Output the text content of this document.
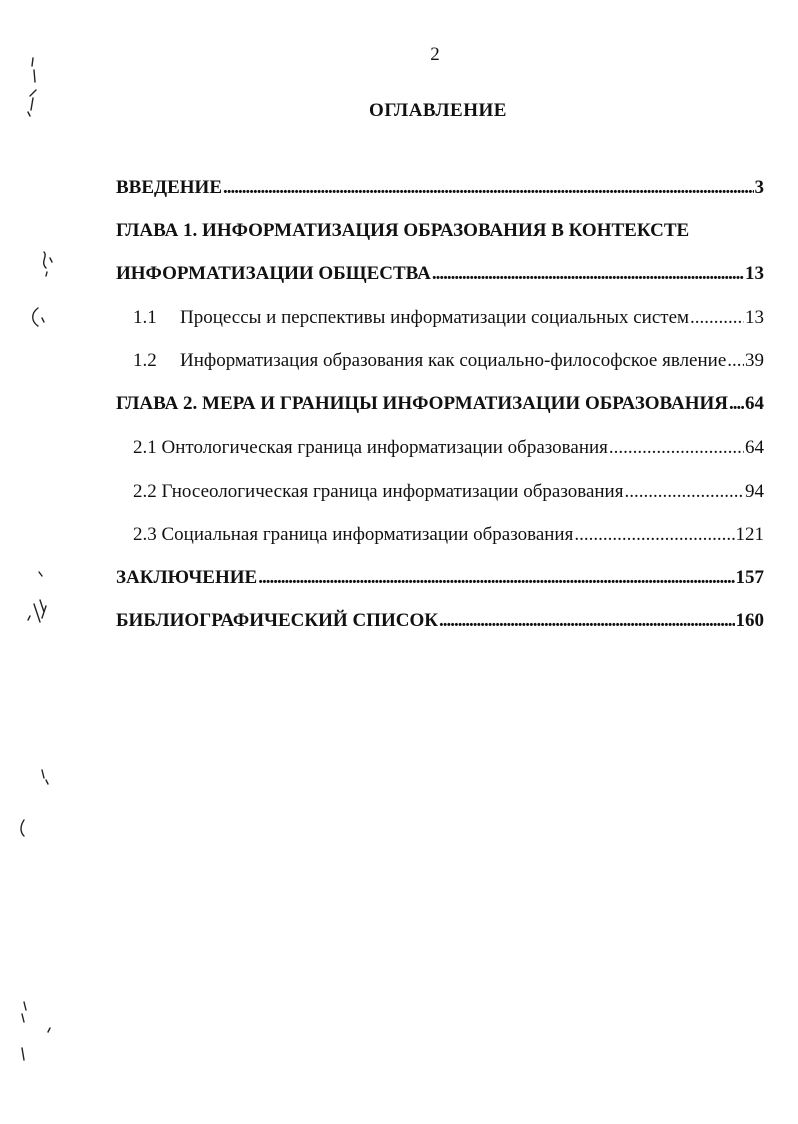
2
ОГЛАВЛЕНИЕ
ВВЕДЕНИЕ .....	3
ГЛАВА 1. ИНФОРМАТИЗАЦИЯ ОБРАЗОВАНИЯ В КОНТЕКСТЕ
ИНФОРМАТИЗАЦИИ ОБЩЕСТВА .....	13
1.1	Процессы и перспективы информатизации социальных систем .....	13
1.2	Информатизация образования как социально-философское явление ..... 39
ГЛАВА 2. МЕРА И ГРАНИЦЫ ИНФОРМАТИЗАЦИИ ОБРАЗОВАНИЯ ..... 64
2.1 Онтологическая граница информатизации образования .....	64
2.2 Гносеологическая граница информатизации образования .....	94
2.3 Социальная граница информатизации образования .....	121
ЗАКЛЮЧЕНИЕ .....	157
БИБЛИОГРАФИЧЕСКИЙ СПИСОК .....	160
